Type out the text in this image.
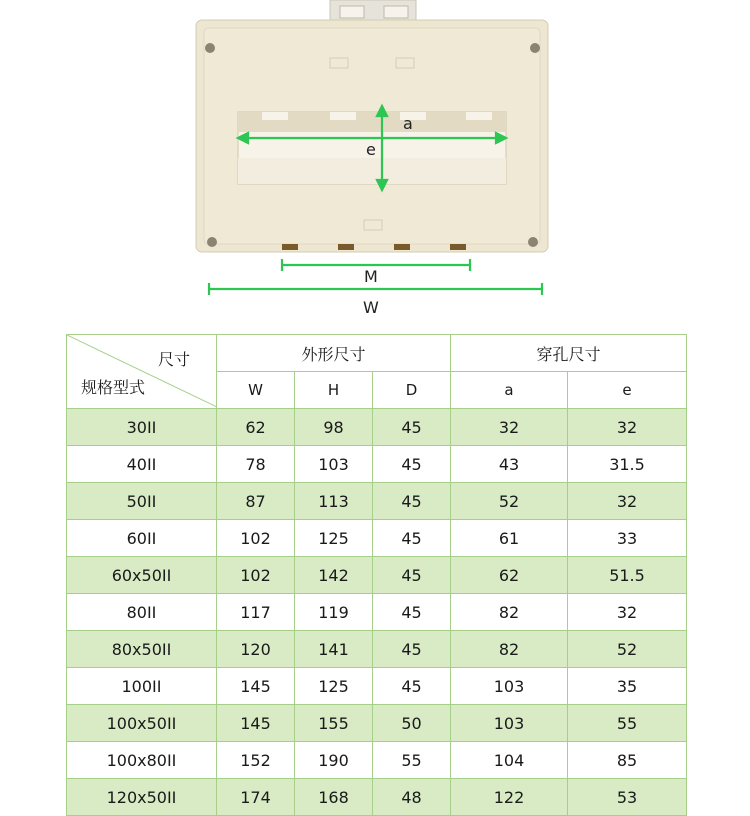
a
e
M
W
尺寸
规格型式	外形尺寸			穿孔尺寸	
	W	H	D	a	e
30II	62	98	45	32	32
40II	78	103	45	43	31.5
50II	87	113	45	52	32
60II	102	125	45	61	33
60x50II	102	142	45	62	51.5
80II	117	119	45	82	32
80x50II	120	141	45	82	52
100II	145	125	45	103	35
100x50II	145	155	50	103	55
100x80II	152	190	55	104	85
120x50II	174	168	48	122	53
